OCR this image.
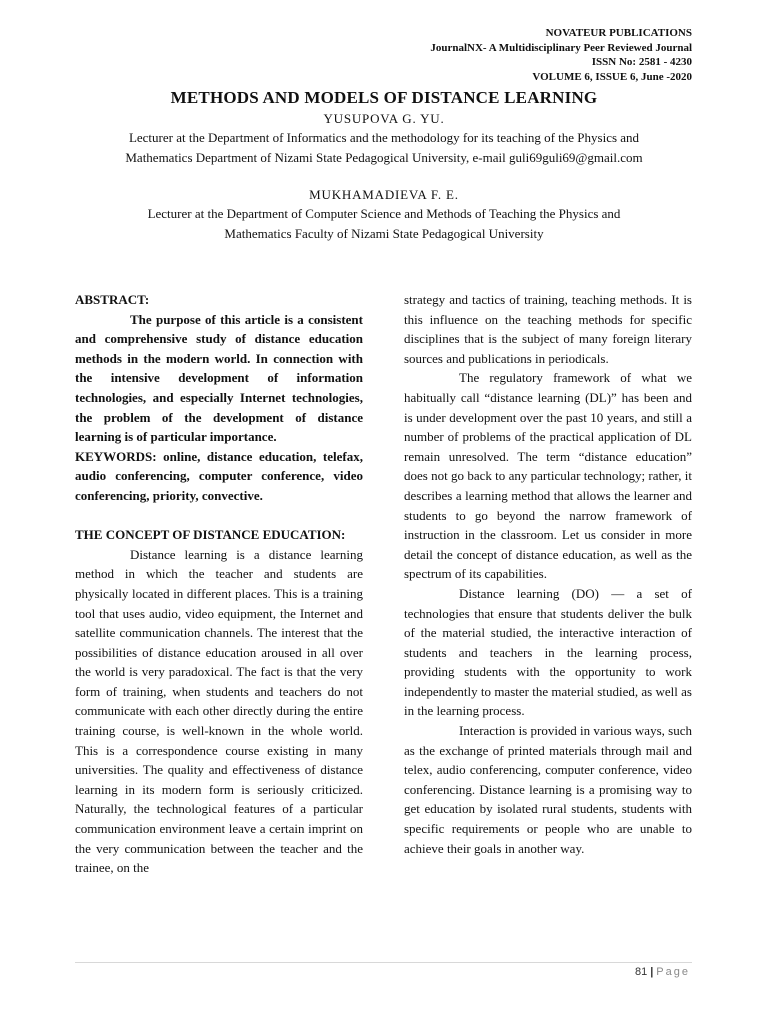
NOVATEUR PUBLICATIONS
JournalNX- A Multidisciplinary Peer Reviewed Journal
ISSN No: 2581 - 4230
VOLUME 6, ISSUE 6, June -2020
METHODS AND MODELS OF DISTANCE LEARNING

YUSUPOVA G. YU.

Lecturer at the Department of Informatics and the methodology for its teaching of the Physics and

Mathematics Department of Nizami State Pedagogical University, e-mail guli69guli69@gmail.com

MUKHAMADIEVA F. E.

Lecturer at the Department of Computer Science and Methods of Teaching the Physics and

Mathematics Faculty of Nizami State Pedagogical University

ABSTRACT:

The purpose of this article is a consistent and comprehensive study of distance education methods in the modern world. In connection with the intensive development of information technologies, and especially Internet technologies, the problem of the development of distance learning is of particular importance.

KEYWORDS: online, distance education, telefax, audio conferencing, computer conference, video conferencing, priority, convective.

THE CONCEPT OF DISTANCE EDUCATION:

Distance learning is a distance learning method in which the teacher and students are physically located in different places. This is a training tool that uses audio, video equipment, the Internet and satellite communication channels. The interest that the possibilities of distance education aroused in all over the world is very paradoxical. The fact is that the very form of training, when students and teachers do not communicate with each other directly during the entire training course, is well-known in the whole world. This is a correspondence course existing in many universities. The quality and effectiveness of distance learning in its modern form is seriously criticized. Naturally, the technological features of a particular communication environment leave a certain imprint on the very communication between the teacher and the trainee, on the

strategy and tactics of training, teaching methods. It is this influence on the teaching methods for specific disciplines that is the subject of many foreign literary sources and publications in periodicals.

The regulatory framework of what we habitually call “distance learning (DL)” has been and is under development over the past 10 years, and still a number of problems of the practical application of DL remain unresolved. The term “distance education” does not go back to any particular technology; rather, it describes a learning method that allows the learner and students to go beyond the narrow framework of instruction in the classroom. Let us consider in more detail the concept of distance education, as well as the spectrum of its capabilities.

Distance learning (DO) — a set of technologies that ensure that students deliver the bulk of the material studied, the interactive interaction of students and teachers in the learning process, providing students with the opportunity to work independently to master the material studied, as well as in the learning process.

Interaction is provided in various ways, such as the exchange of printed materials through mail and telex, audio conferencing, computer conference, video conferencing. Distance learning is a promising way to get education by isolated rural students, students with specific requirements or people who are unable to achieve their goals in another way.

81 | Page
